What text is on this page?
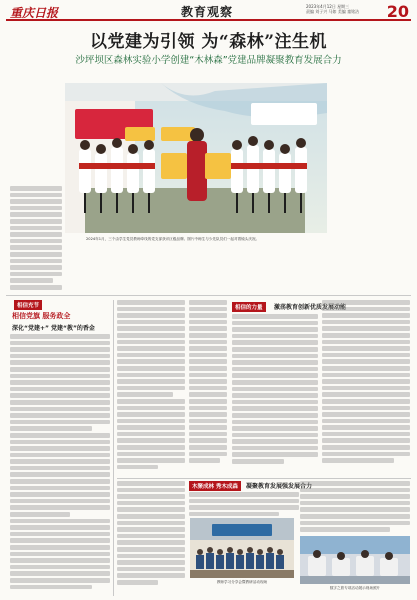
重庆日报	教育观察	2023年4月12日 星期三
责编 刘子兴 马如 美编 童铭洁	20
以党建为引领 为“森林”注生机
沙坪坝区森林实验小学创建“木林森”党建品牌凝聚教育发展合力
2024年1月，三个由学生党员教师牵线的党支部获评区级品牌。图片中师生与少先队员们一起对着镜头庆祝。
相信充节
相信党旗 服务政全
深化“党建+” 党建“教”的香金
相信的力量	激荡教育创新优质发展动能
木聚成林 秀木成森	凝聚教育发展强发展合力
教师学习分享会暨教研活动现场
数字之旅专项活动展示现场照片
